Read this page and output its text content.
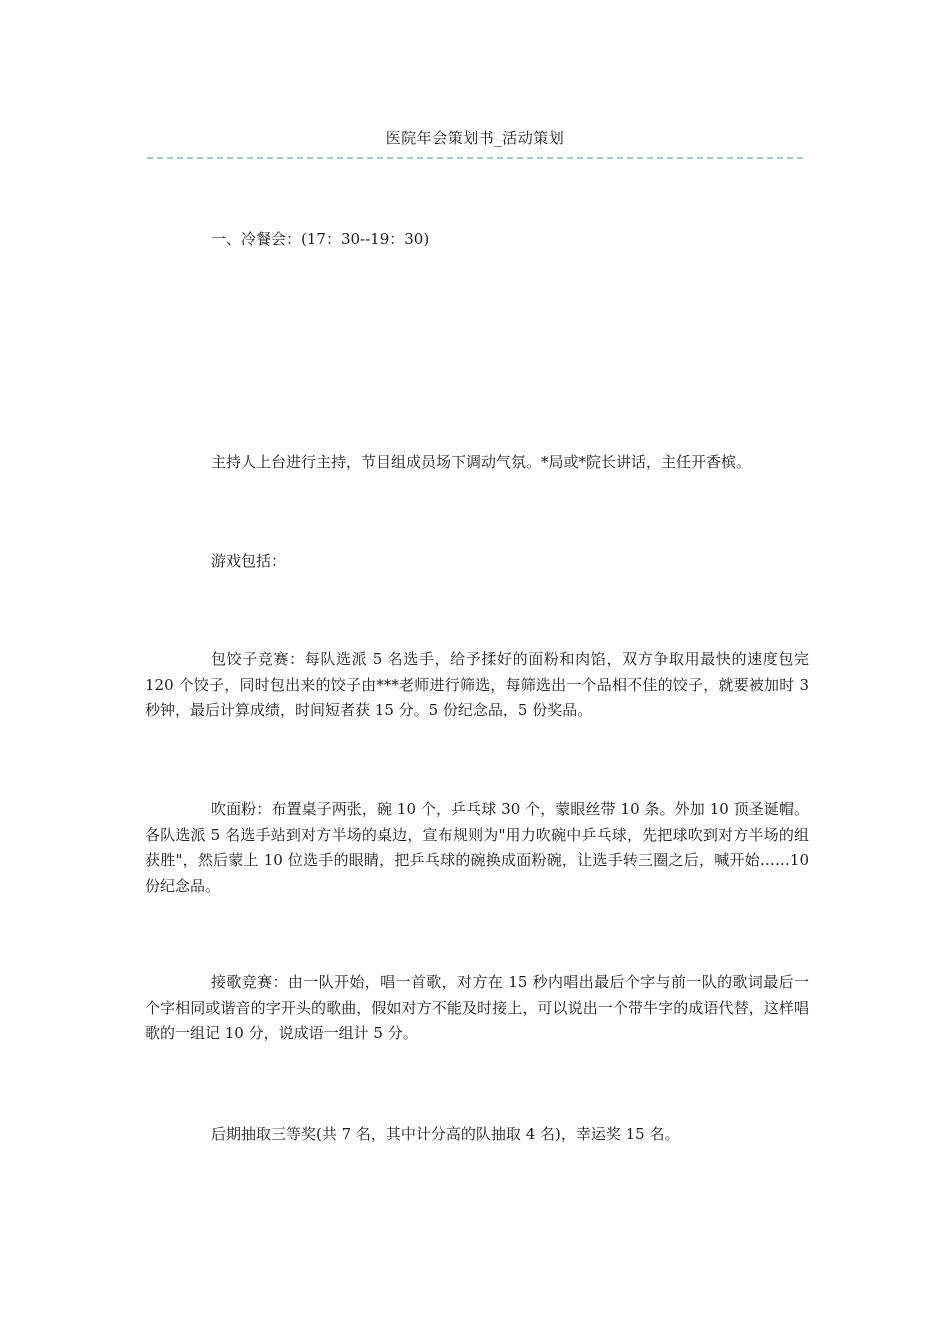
医院年会策划书_活动策划

一、冷餐会：(17：30--19：30)

主持人上台进行主持，节目组成员场下调动气氛。*局或*院长讲话，主任开香槟。

游戏包括：

包饺子竞赛：每队选派 5 名选手，给予揉好的面粉和肉馅，双方争取用最快的速度包完 120 个饺子，同时包出来的饺子由***老师进行筛选，每筛选出一个品相不佳的饺子，就要被加时 3 秒钟，最后计算成绩，时间短者获 15 分。5 份纪念品，5 份奖品。

吹面粉：布置桌子两张，碗 10 个，乒乓球 30 个，蒙眼丝带 10 条。外加 10 顶圣诞帽。各队选派 5 名选手站到对方半场的桌边，宣布规则为"用力吹碗中乒乓球，先把球吹到对方半场的组获胜"，然后蒙上 10 位选手的眼睛，把乒乓球的碗换成面粉碗，让选手转三圈之后，喊开始……10 份纪念品。

接歌竞赛：由一队开始，唱一首歌，对方在 15 秒内唱出最后个字与前一队的歌词最后一个字相同或谐音的字开头的歌曲，假如对方不能及时接上，可以说出一个带牛字的成语代替，这样唱歌的一组记 10 分，说成语一组计 5 分。

后期抽取三等奖(共 7 名，其中计分高的队抽取 4 名)，幸运奖 15 名。
